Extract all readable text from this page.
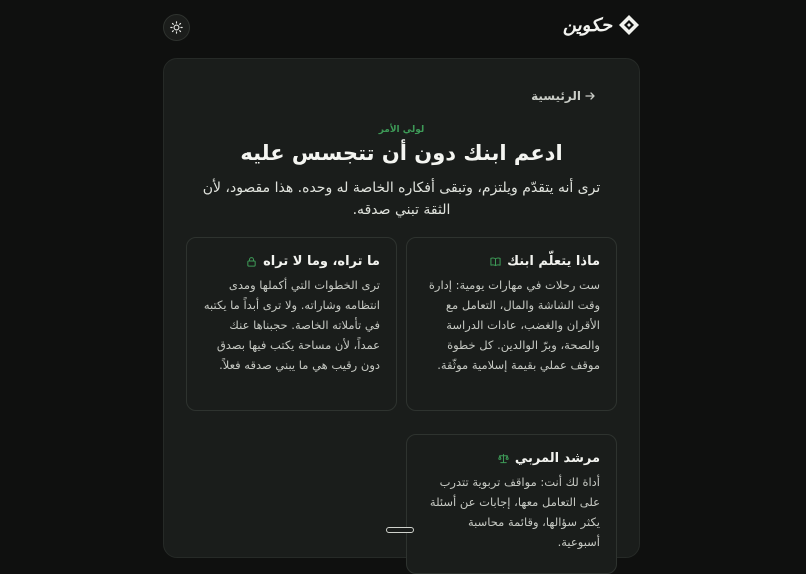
حكوين
الرئيسية
لولي الأمر
ادعم ابنك دون أن تتجسس عليه

ترى أنه يتقدّم ويلتزم، وتبقى أفكاره الخاصة له وحده. هذا مقصود، لأن الثقة تبني صدقه.

ماذا يتعلّم ابنك

ست رحلات في مهارات يومية: إدارة وقت الشاشة والمال، التعامل مع الأقران والغضب، عادات الدراسة والصحة، وبرّ الوالدين. كل خطوة موقف عملي بقيمة إسلامية موثّقة.

ما تراه، وما لا تراه

ترى الخطوات التي أكملها ومدى انتظامه وشاراته. ولا ترى أبداً ما يكتبه في تأملاته الخاصة. حجبناها عنك عمداً، لأن مساحة يكتب فيها بصدق دون رقيب هي ما يبني صدقه فعلاً.

مرشد المربي

أداة لك أنت: مواقف تربوية تتدرب على التعامل معها، إجابات عن أسئلة يكثر سؤالها، وقائمة محاسبة أسبوعية.
